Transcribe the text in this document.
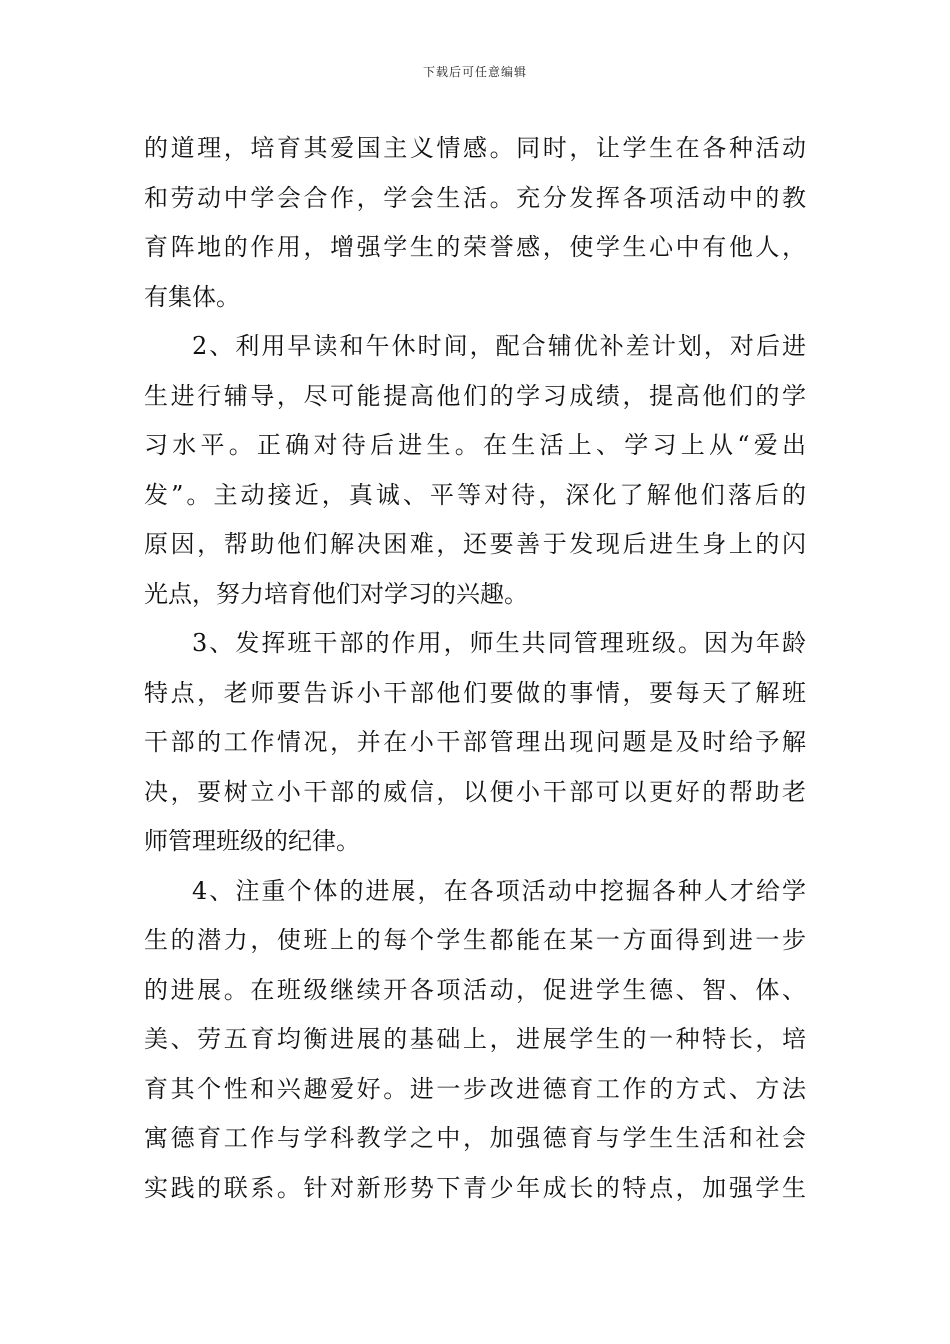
下载后可任意编辑
的道理，培育其爱国主义情感。同时，让学生在各种活动
和劳动中学会合作，学会生活。充分发挥各项活动中的教
育阵地的作用，增强学生的荣誉感，使学生心中有他人，
有集体。
2、利用早读和午休时间，配合辅优补差计划，对后进
生进行辅导，尽可能提高他们的学习成绩，提高他们的学
习水平。正确对待后进生。在生活上、学习上从“爱出
发”。主动接近，真诚、平等对待，深化了解他们落后的
原因，帮助他们解决困难，还要善于发现后进生身上的闪
光点，努力培育他们对学习的兴趣。
3、发挥班干部的作用，师生共同管理班级。因为年龄
特点，老师要告诉小干部他们要做的事情，要每天了解班
干部的工作情况，并在小干部管理出现问题是及时给予解
决，要树立小干部的威信，以便小干部可以更好的帮助老
师管理班级的纪律。
4、注重个体的进展，在各项活动中挖掘各种人才给学
生的潜力，使班上的每个学生都能在某一方面得到进一步
的进展。在班级继续开各项活动，促进学生德、智、体、
美、劳五育均衡进展的基础上，进展学生的一种特长，培
育其个性和兴趣爱好。进一步改进德育工作的方式、方法
寓德育工作与学科教学之中，加强德育与学生生活和社会
实践的联系。针对新形势下青少年成长的特点，加强学生
